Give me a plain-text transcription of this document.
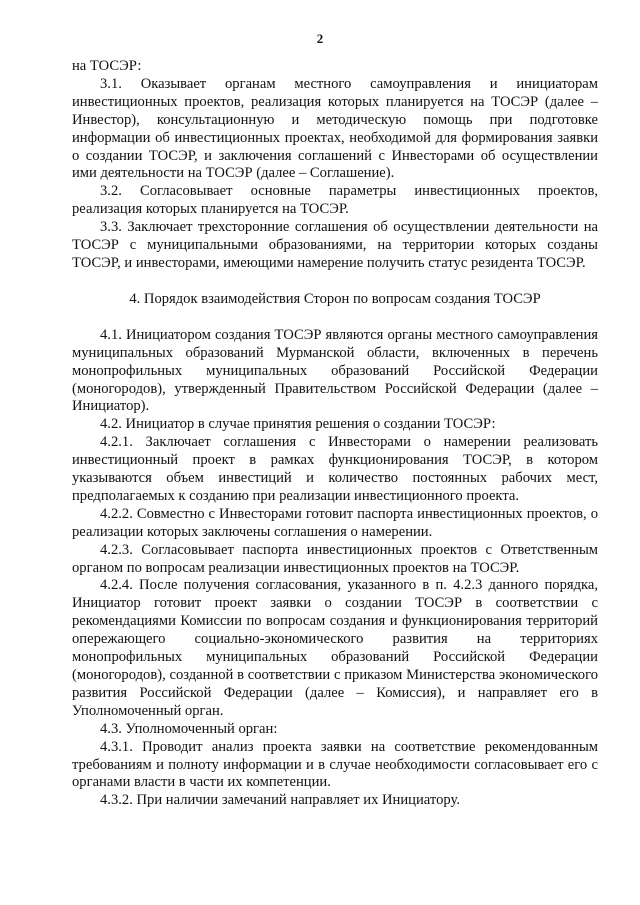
2

на ТОСЭР:

3.1. Оказывает органам местного самоуправления и инициаторам инвестиционных проектов, реализация которых планируется на ТОСЭР (далее – Инвестор), консультационную и методическую помощь при подготовке информации об инвестиционных проектах, необходимой для формирования заявки о создании ТОСЭР, и заключения соглашений с Инвесторами об осуществлении ими деятельности на ТОСЭР (далее – Соглашение).

3.2. Согласовывает основные параметры инвестиционных проектов, реализация которых планируется на ТОСЭР.

3.3. Заключает трехсторонние соглашения об осуществлении деятельности на ТОСЭР с муниципальными образованиями, на территории которых созданы ТОСЭР, и инвесторами, имеющими намерение получить статус резидента ТОСЭР.

4. Порядок взаимодействия Сторон по вопросам создания ТОСЭР

4.1. Инициатором создания ТОСЭР являются органы местного самоуправления муниципальных образований Мурманской области, включенных в перечень монопрофильных муниципальных образований Российской Федерации (моногородов), утвержденный Правительством Российской Федерации (далее – Инициатор).

4.2. Инициатор в случае принятия решения о создании ТОСЭР:

4.2.1. Заключает соглашения с Инвесторами о намерении реализовать инвестиционный проект в рамках функционирования ТОСЭР, в котором указываются объем инвестиций и количество постоянных рабочих мест, предполагаемых к созданию при реализации инвестиционного проекта.

4.2.2. Совместно с Инвесторами готовит паспорта инвестиционных проектов, о реализации которых заключены соглашения о намерении.

4.2.3. Согласовывает паспорта инвестиционных проектов с Ответственным органом по вопросам реализации инвестиционных проектов на ТОСЭР.

4.2.4. После получения согласования, указанного в п. 4.2.3 данного порядка, Инициатор готовит проект заявки о создании ТОСЭР в соответствии с рекомендациями Комиссии по вопросам создания и функционирования территорий опережающего социально-экономического развития на территориях монопрофильных муниципальных образований Российской Федерации (моногородов), созданной в соответствии с приказом Министерства экономического развития Российской Федерации (далее – Комиссия), и направляет его в Уполномоченный орган.

4.3. Уполномоченный орган:

4.3.1. Проводит анализ проекта заявки на соответствие рекомендованным требованиям и полноту информации и в случае необходимости согласовывает его с органами власти в части их компетенции.

4.3.2. При наличии замечаний направляет их Инициатору.
